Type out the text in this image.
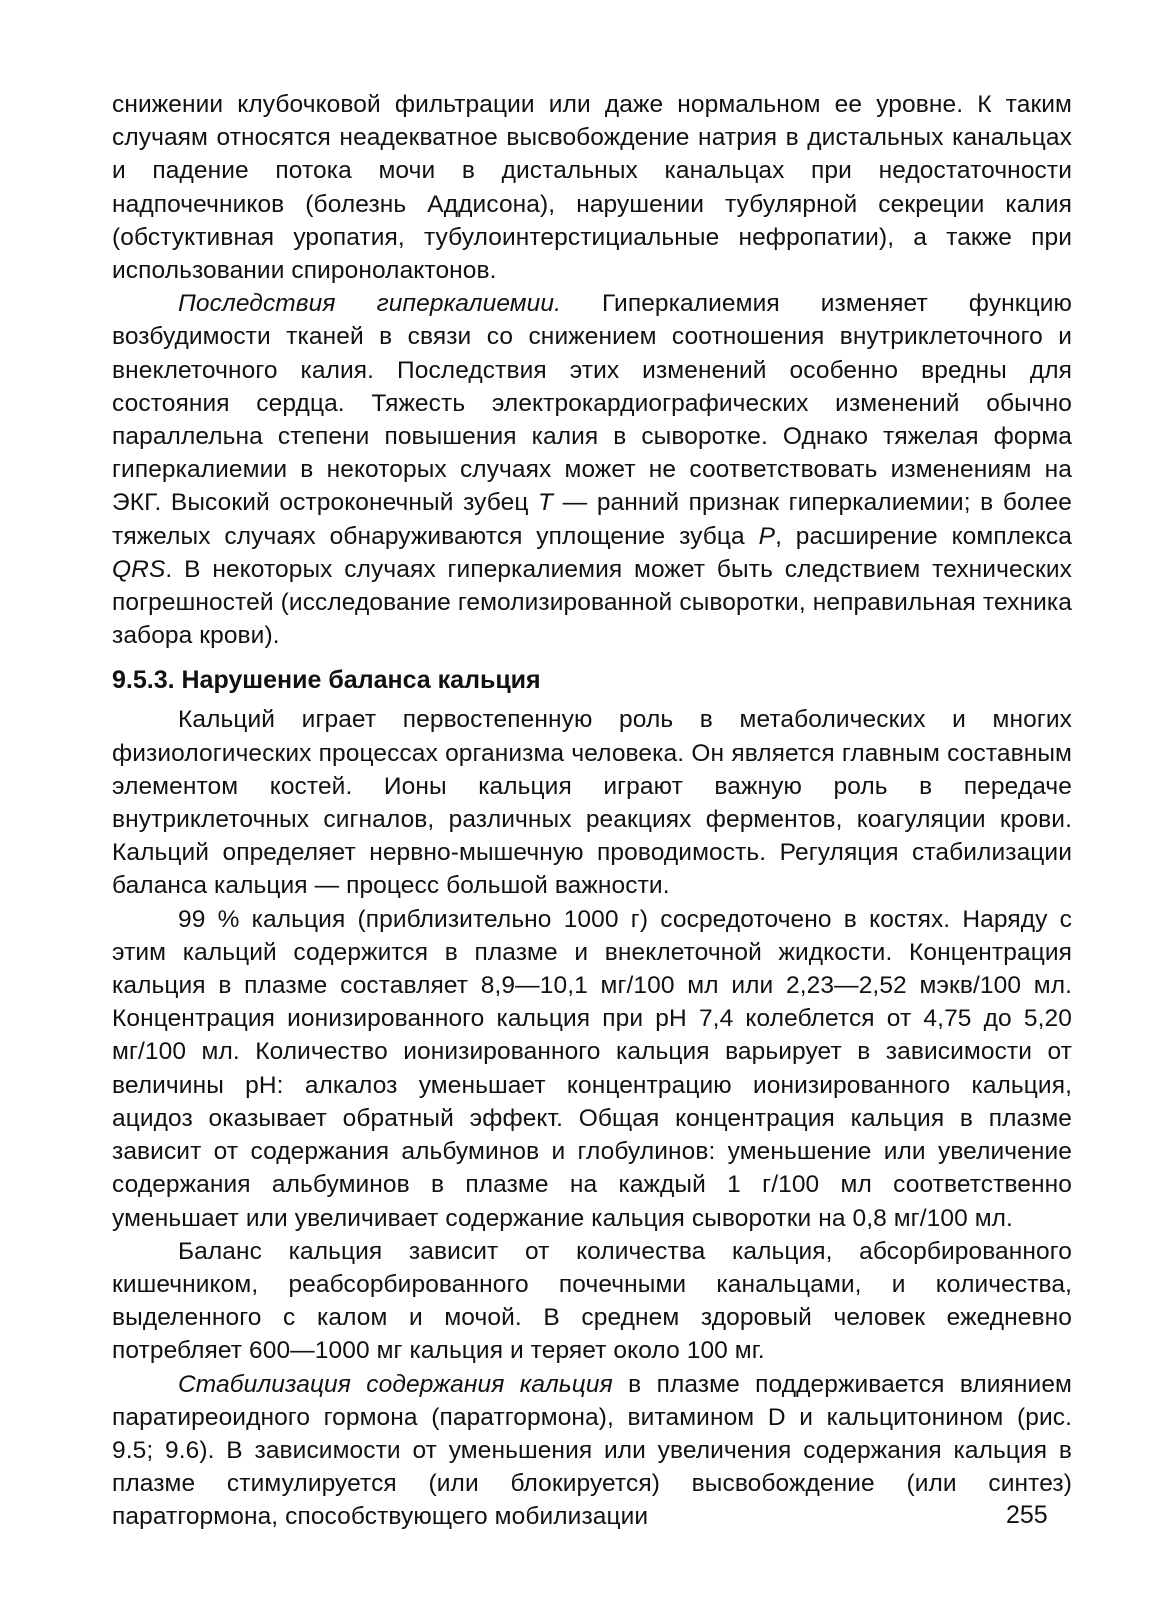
снижении клубочковой фильтрации или даже нормальном ее уровне. К таким случаям относятся неадекватное высвобождение натрия в дистальных канальцах и падение потока мочи в дистальных канальцах при недостаточности надпочечников (болезнь Аддисона), нарушении тубулярной секреции калия (обстуктивная уропатия, тубулоинтерстициальные нефропатии), а также при использовании спиронолактонов.

Последствия гиперкалиемии. Гиперкалиемия изменяет функцию возбудимости тканей в связи со снижением соотношения внутриклеточного и внеклеточного калия. Последствия этих изменений особенно вредны для состояния сердца. Тяжесть электрокардиографических изменений обычно параллельна степени повышения калия в сыворотке. Однако тяжелая форма гиперкалиемии в некоторых случаях может не соответствовать изменениям на ЭКГ. Высокий остроконечный зубец T — ранний признак гиперкалиемии; в более тяжелых случаях обнаруживаются уплощение зубца P, расширение комплекса QRS. В некоторых случаях гиперкалиемия может быть следствием технических погрешностей (исследование гемолизированной сыворотки, неправильная техника забора крови).

9.5.3. Нарушение баланса кальция

Кальций играет первостепенную роль в метаболических и многих физиологических процессах организма человека. Он является главным составным элементом костей. Ионы кальция играют важную роль в передаче внутриклеточных сигналов, различных реакциях ферментов, коагуляции крови. Кальций определяет нервно-мышечную проводимость. Регуляция стабилизации баланса кальция — процесс большой важности.

99 % кальция (приблизительно 1000 г) сосредоточено в костях. Наряду с этим кальций содержится в плазме и внеклеточной жидкости. Концентрация кальция в плазме составляет 8,9—10,1 мг/100 мл или 2,23—2,52 мэкв/100 мл. Концентрация ионизированного кальция при pH 7,4 колеблется от 4,75 до 5,20 мг/100 мл. Количество ионизированного кальция варьирует в зависимости от величины pH: алкалоз уменьшает концентрацию ионизированного кальция, ацидоз оказывает обратный эффект. Общая концентрация кальция в плазме зависит от содержания альбуминов и глобулинов: уменьшение или увеличение содержания альбуминов в плазме на каждый 1 г/100 мл соответственно уменьшает или увеличивает содержание кальция сыворотки на 0,8 мг/100 мл.

Баланс кальция зависит от количества кальция, абсорбированного кишечником, реабсорбированного почечными канальцами, и количества, выделенного с калом и мочой. В среднем здоровый человек ежедневно потребляет 600—1000 мг кальция и теряет около 100 мг.

Стабилизация содержания кальция в плазме поддерживается влиянием паратиреоидного гормона (паратгормона), витамином D и кальцитонином (рис. 9.5; 9.6). В зависимости от уменьшения или увеличения содержания кальция в плазме стимулируется (или блокируется) высвобождение (или синтез) паратгормона, способствующего мобилизации	255
